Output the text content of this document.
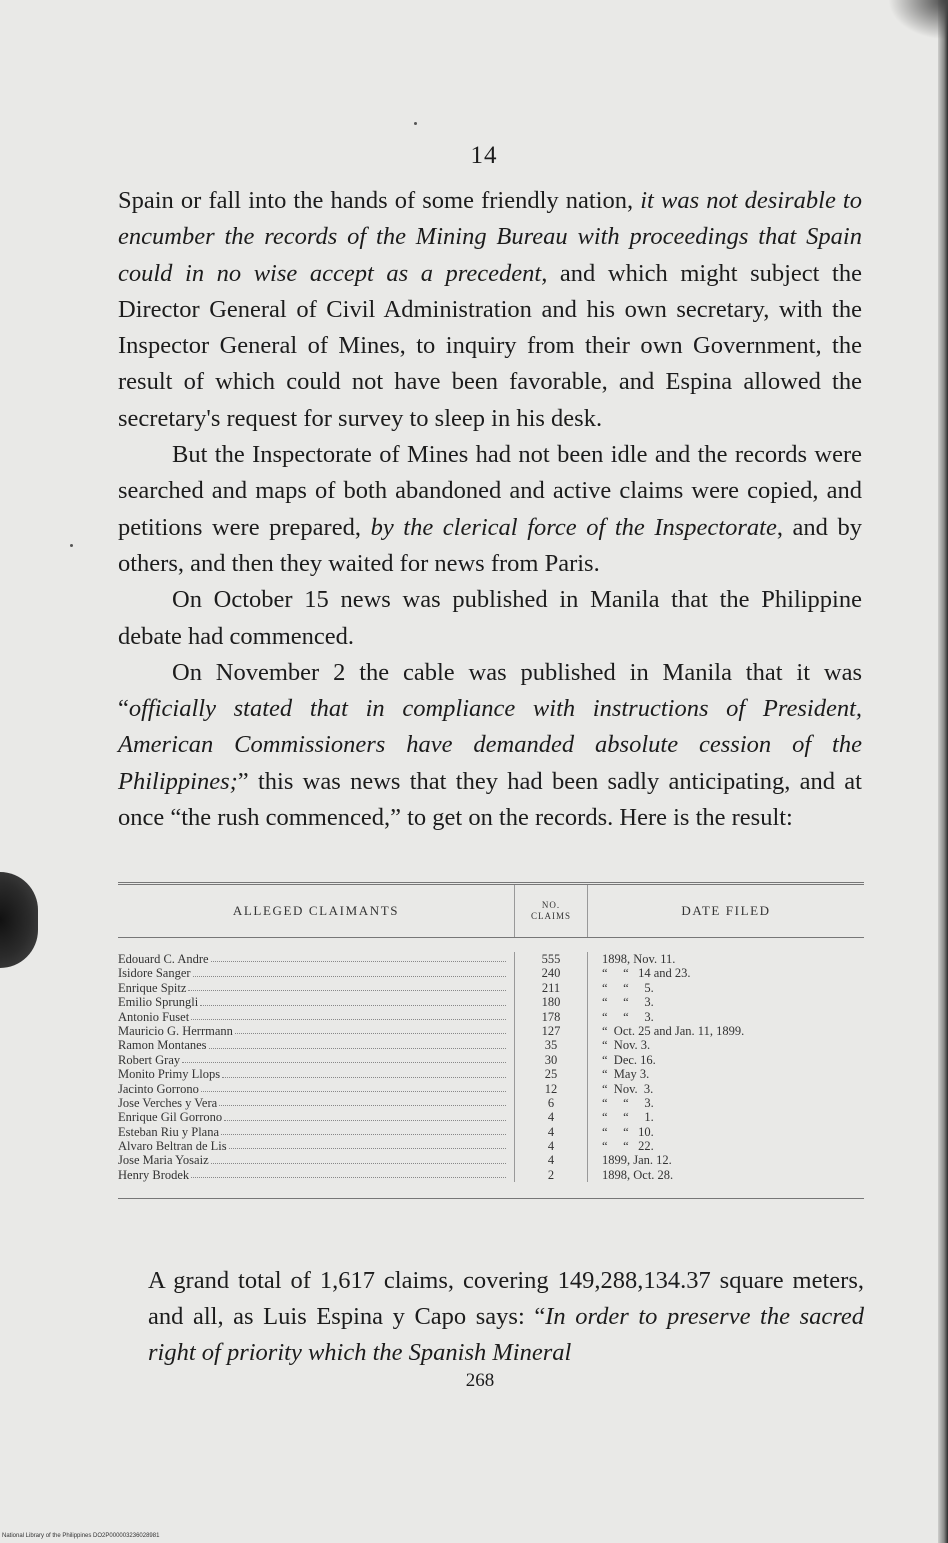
14

Spain or fall into the hands of some friendly nation, it was not desirable to encumber the records of the Mining Bureau with proceedings that Spain could in no wise accept as a precedent, and which might subject the Director General of Civil Administration and his own secretary, with the Inspector General of Mines, to inquiry from their own Government, the result of which could not have been favorable, and Espina allowed the secretary's request for survey to sleep in his desk.

But the Inspectorate of Mines had not been idle and the records were searched and maps of both abandoned and active claims were copied, and petitions were prepared, by the clerical force of the Inspectorate, and by others, and then they waited for news from Paris.

On October 15 news was published in Manila that the Philippine debate had commenced.

On November 2 the cable was published in Manila that it was “officially stated that in compliance with instructions of President, American Commissioners have demanded absolute cession of the Philippines;” this was news that they had been sadly anticipating, and at once “the rush commenced,” to get on the records. Here is the result:

ALLEGED CLAIMANTS	NO.
CLAIMS	DATE FILED
Edouard C. Andre
Isidore Sanger
Enrique Spitz
Emilio Sprungli
Antonio Fuset
Mauricio G. Herrmann
Ramon Montanes
Robert Gray
Monito Primy Llops
Jacinto Gorrono
Jose Verches y Vera
Enrique Gil Gorrono
Esteban Riu y Plana
Alvaro Beltran de Lis
Jose Maria Yosaiz
Henry Brodek
555
240
211
180
178
127
35
30
25
12
6
4
4
4
4
2
1898, Nov. 11.
“     “   14 and 23.
“     “     5.
“     “     3.
“     “     3.
“  Oct. 25 and Jan. 11, 1899.
“  Nov. 3.
“  Dec. 16.
“  May 3.
“  Nov.  3.
“     “     3.
“     “     1.
“     “   10.
“     “   22.
1899, Jan. 12.
1898, Oct. 28.

A grand total of 1,617 claims, covering 149,288,134.37 square meters, and all, as Luis Espina y Capo says: “In order to preserve the sacred right of priority which the Spanish Mineral

268
National Library of the Philippines DO2P000003236028981
